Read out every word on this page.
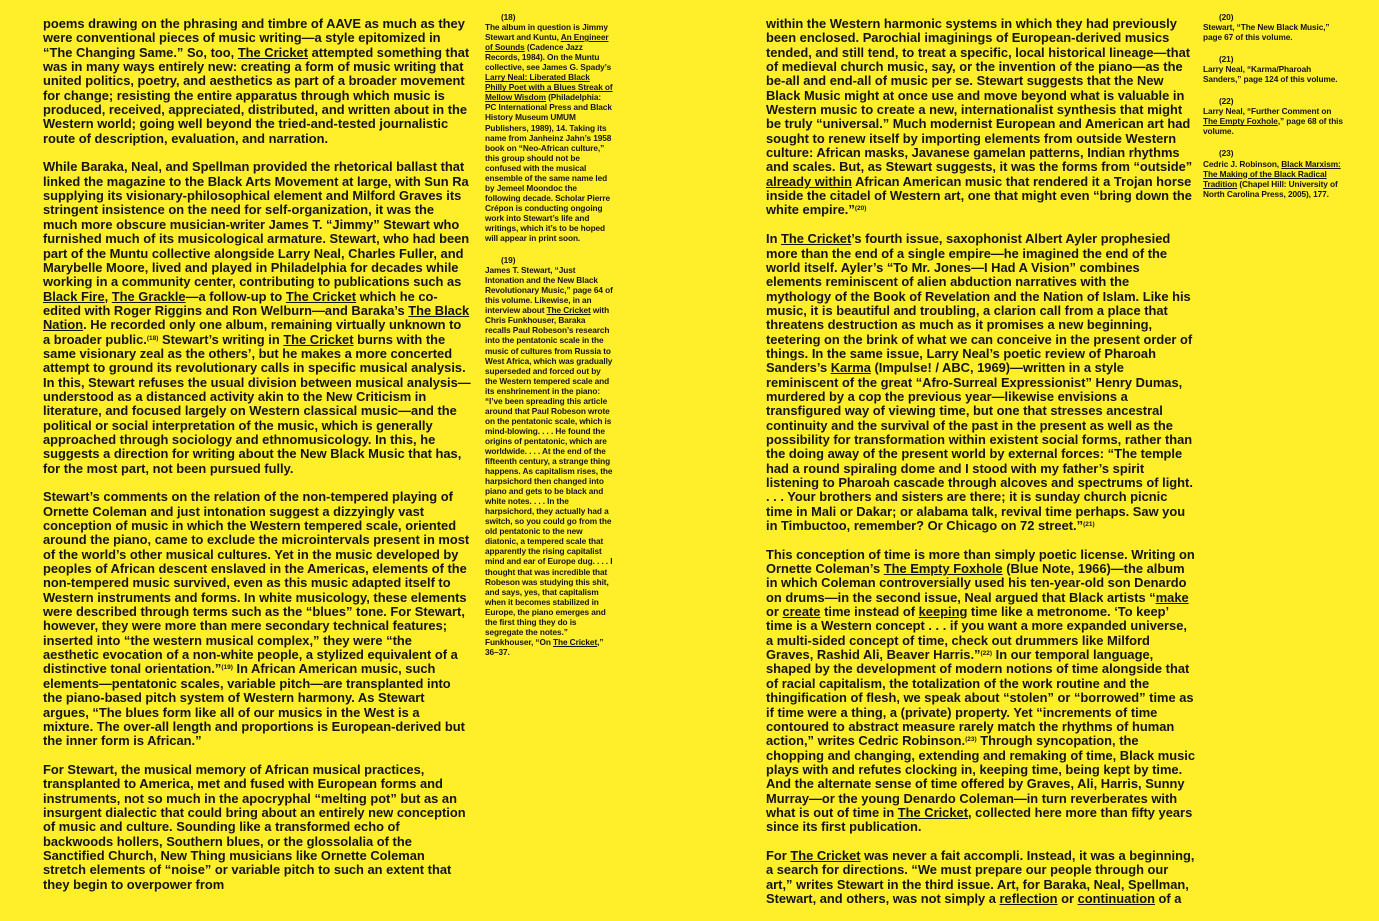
poems drawing on the phrasing and timbre of AAVE as much as they were conventional pieces of music writing—a style epitomized in “The Changing Same.” So, too, The Cricket attempted something that was in many ways entirely new: creating a form of music writing that united politics, poetry, and aesthetics as part of a broader movement for change; resisting the entire apparatus through which music is produced, received, appreciated, distributed, and written about in the Western world; going well beyond the tried-and-tested journalistic route of description, evaluation, and narration.

While Baraka, Neal, and Spellman provided the rhetorical ballast that linked the magazine to the Black Arts Movement at large, with Sun Ra supplying its visionary-philosophical element and Milford Graves its stringent insistence on the need for self-organization, it was the much more obscure musician-writer James T. “Jimmy” Stewart who furnished much of its musicological armature. Stewart, who had been part of the Muntu collective alongside Larry Neal, Charles Fuller, and Marybelle Moore, lived and played in Philadelphia for decades while working in a community center, contributing to publications such as Black Fire, The Grackle—a follow-up to The Cricket which he co-edited with Roger Riggins and Ron Welburn—and Baraka’s The Black Nation. He recorded only one album, remaining virtually unknown to a broader public.$^{(18)}$ Stewart’s writing in The Cricket burns with the same visionary zeal as the others’, but he makes a more concerted attempt to ground its revolutionary calls in specific musical analysis. In this, Stewart refuses the usual division between musical analysis—understood as a distanced activity akin to the New Criticism in literature, and focused largely on Western classical music—and the political or social interpretation of the music, which is generally approached through sociology and ethnomusicology. In this, he suggests a direction for writing about the New Black Music that has, for the most part, not been pursued fully.

Stewart’s comments on the relation of the non-tempered playing of Ornette Coleman and just intonation suggest a dizzyingly vast conception of music in which the Western tempered scale, oriented around the piano, came to exclude the microintervals present in most of the world’s other musical cultures. Yet in the music developed by peoples of African descent enslaved in the Americas, elements of the non-tempered music survived, even as this music adapted itself to Western instruments and forms. In white musicology, these elements were described through terms such as the “blues” tone. For Stewart, however, they were more than mere secondary technical features; inserted into “the western musical complex,” they were “the aesthetic evocation of a non-white people, a stylized equivalent of a distinctive tonal orientation.”$^{(19)}$ In African American music, such elements—pentatonic scales, variable pitch—are transplanted into the piano-based pitch system of Western harmony. As Stewart argues, “The blues form like all of our musics in the West is a mixture. The over-all length and proportions is European-derived but the inner form is African.”

For Stewart, the musical memory of African musical practices, transplanted to America, met and fused with European forms and instruments, not so much in the apocryphal “melting pot” but as an insurgent dialectic that could bring about an entirely new conception of music and culture. Sounding like a transformed echo of backwoods hollers, Southern blues, or the glossolalia of the Sanctified Church, New Thing musicians like Ornette Coleman stretch elements of “noise” or variable pitch to such an extent that they begin to overpower from

(18)
The album in question is Jimmy Stewart and Kuntu, An Engineer of Sounds (Cadence Jazz Records, 1984). On the Muntu collective, see James G. Spady’s Larry Neal: Liberated Black Philly Poet with a Blues Streak of Mellow Wisdom (Philadelphia: PC International Press and Black History Museum UMUM Publishers, 1989), 14. Taking its name from Janheinz Jahn’s 1958 book on “Neo-African culture,” this group should not be confused with the musical ensemble of the same name led by Jemeel Moondoc the following decade. Scholar Pierre Crépon is conducting ongoing work into Stewart’s life and writings, which it’s to be hoped will appear in print soon.
(19)
James T. Stewart, “Just Intonation and the New Black Revolutionary Music,” page 64 of this volume. Likewise, in an interview about The Cricket with Chris Funkhouser, Baraka recalls Paul Robeson’s research into the pentatonic scale in the music of cultures from Russia to West Africa, which was gradually superseded and forced out by the Western tempered scale and its enshrinement in the piano: “I’ve been spreading this article around that Paul Robeson wrote on the pentatonic scale, which is mind-blowing. . . . He found the origins of pentatonic, which are worldwide. . . . At the end of the fifteenth century, a strange thing happens. As capitalism rises, the harpsichord then changed into piano and gets to be black and white notes. . . . In the harpsichord, they actually had a switch, so you could go from the old pentatonic to the new diatonic, a tempered scale that apparently the rising capitalist mind and ear of Europe dug. . . . I thought that was incredible that Robeson was studying this shit, and says, yes, that capitalism when it becomes stabilized in Europe, the piano emerges and the first thing they do is segregate the notes.” Funkhouser, “On The Cricket,” 36–37.

within the Western harmonic systems in which they had previously been enclosed. Parochial imaginings of European-derived musics tended, and still tend, to treat a specific, local historical lineage—that of medieval church music, say, or the invention of the piano—as the be-all and end-all of music per se. Stewart suggests that the New Black Music might at once use and move beyond what is valuable in Western music to create a new, internationalist synthesis that might be truly “universal.” Much modernist European and American art had sought to renew itself by importing elements from outside Western culture: African masks, Javanese gamelan patterns, Indian rhythms and scales. But, as Stewart suggests, it was the forms from “outside” already within African American music that rendered it a Trojan horse inside the citadel of Western art, one that might even “bring down the white empire.”$^{(20)}$

In The Cricket’s fourth issue, saxophonist Albert Ayler prophesied more than the end of a single empire—he imagined the end of the world itself. Ayler’s “To Mr. Jones—I Had A Vision” combines elements reminiscent of alien abduction narratives with the mythology of the Book of Revelation and the Nation of Islam. Like his music, it is beautiful and troubling, a clarion call from a place that threatens destruction as much as it promises a new beginning, teetering on the brink of what we can conceive in the present order of things. In the same issue, Larry Neal’s poetic review of Pharoah Sanders’s Karma (Impulse! / ABC, 1969)—written in a style reminiscent of the great “Afro-Surreal Expressionist” Henry Dumas, murdered by a cop the previous year—likewise envisions a transfigured way of viewing time, but one that stresses ancestral continuity and the survival of the past in the present as well as the possibility for transformation within existent social forms, rather than the doing away of the present world by external forces: “The temple had a round spiraling dome and I stood with my father’s spirit listening to Pharoah cascade through alcoves and spectrums of light. . . . Your brothers and sisters are there; it is sunday church picnic time in Mali or Dakar; or alabama talk, revival time perhaps. Saw you in Timbuctoo, remember? Or Chicago on 72 street.”$^{(21)}$

This conception of time is more than simply poetic license. Writing on Ornette Coleman’s The Empty Foxhole (Blue Note, 1966)—the album in which Coleman controversially used his ten-year-old son Denardo on drums—in the second issue, Neal argued that Black artists “make or create time instead of keeping time like a metronome. ‘To keep’ time is a Western concept . . . if you want a more expanded universe, a multi-sided concept of time, check out drummers like Milford Graves, Rashid Ali, Beaver Harris.”$^{(22)}$ In our temporal language, shaped by the development of modern notions of time alongside that of racial capitalism, the totalization of the work routine and the thingification of flesh, we speak about “stolen” or “borrowed” time as if time were a thing, a (private) property. Yet “increments of time contoured to abstract measure rarely match the rhythms of human action,” writes Cedric Robinson.$^{(23)}$ Through syncopation, the chopping and changing, extending and remaking of time, Black music plays with and refutes clocking in, keeping time, being kept by time. And the alternate sense of time offered by Graves, Ali, Harris, Sunny Murray—or the young Denardo Coleman—in turn reverberates with what is out of time in The Cricket, collected here more than fifty years since its first publication.

For The Cricket was never a fait accompli. Instead, it was a beginning, a search for directions. “We must prepare our people through our art,” writes Stewart in the third issue. Art, for Baraka, Neal, Spellman, Stewart, and others, was not simply a reflection or continuation of a

(20)
Stewart, “The New Black Music,” page 67 of this volume.
(21)
Larry Neal, “Karma/Pharoah Sanders,” page 124 of this volume.
(22)
Larry Neal, “Further Comment on The Empty Foxhole,” page 68 of this volume.
(23)
Cedric J. Robinson, Black Marxism: The Making of the Black Radical Tradition (Chapel Hill: University of North Carolina Press, 2005), 177.
